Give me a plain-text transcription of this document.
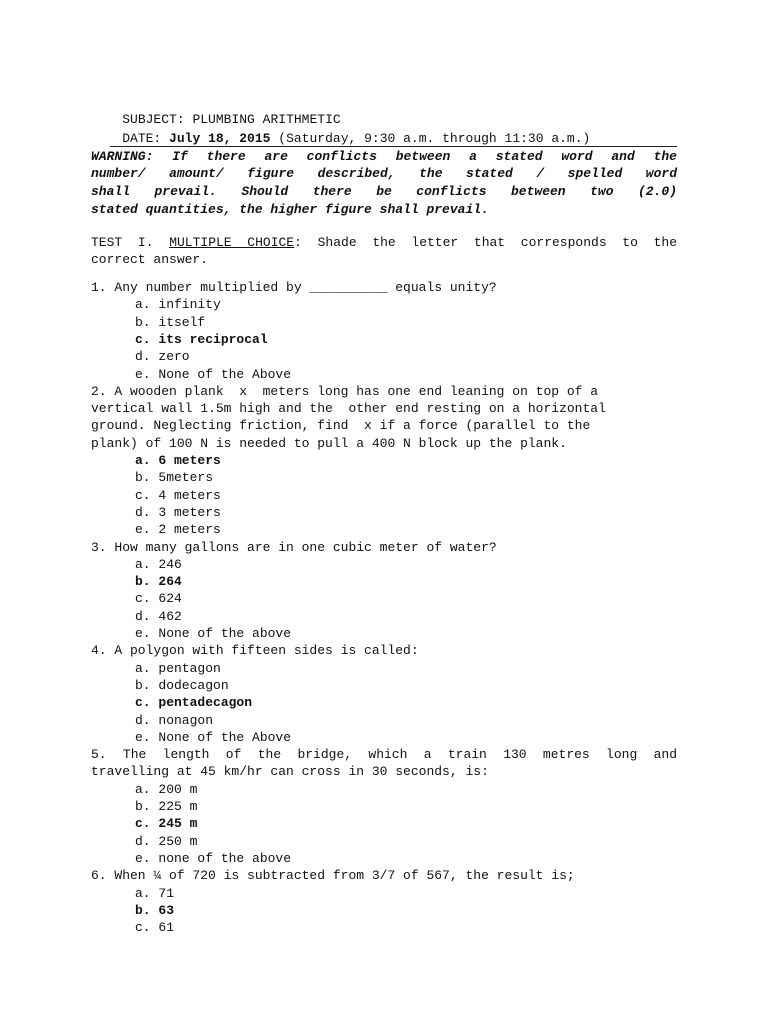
SUBJECT: PLUMBING ARITHMETIC

DATE: July 18, 2015 (Saturday, 9:30 a.m. through 11:30 a.m.)

WARNING: If there are conflicts between a stated word and the
number/ amount/ figure described, the stated / spelled word
shall prevail. Should there be conflicts between two (2.0)
stated quantities, the higher figure shall prevail.
TEST I. MULTIPLE CHOICE: Shade the letter that corresponds to the
correct answer.
1. Any number multiplied by __________ equals unity?
a. infinity
b. itself
c. its reciprocal
d. zero
e. None of the Above
2. A wooden plank  x  meters long has one end leaning on top of a
vertical wall 1.5m high and the  other end resting on a horizontal
ground. Neglecting friction, find  x if a force (parallel to the
plank) of 100 N is needed to pull a 400 N block up the plank.
a. 6 meters
b. 5meters
c. 4 meters
d. 3 meters
e. 2 meters
3. How many gallons are in one cubic meter of water?
a. 246
b. 264
c. 624
d. 462
e. None of the above
4. A polygon with fifteen sides is called:
a. pentagon
b. dodecagon
c. pentadecagon
d. nonagon
e. None of the Above
5. The length of the bridge, which a train 130 metres long and
travelling at 45 km/hr can cross in 30 seconds, is:
a. 200 m
b. 225 m
c. 245 m
d. 250 m
e. none of the above
6. When ¼ of 720 is subtracted from 3/7 of 567, the result is;
a. 71
b. 63
c. 61
